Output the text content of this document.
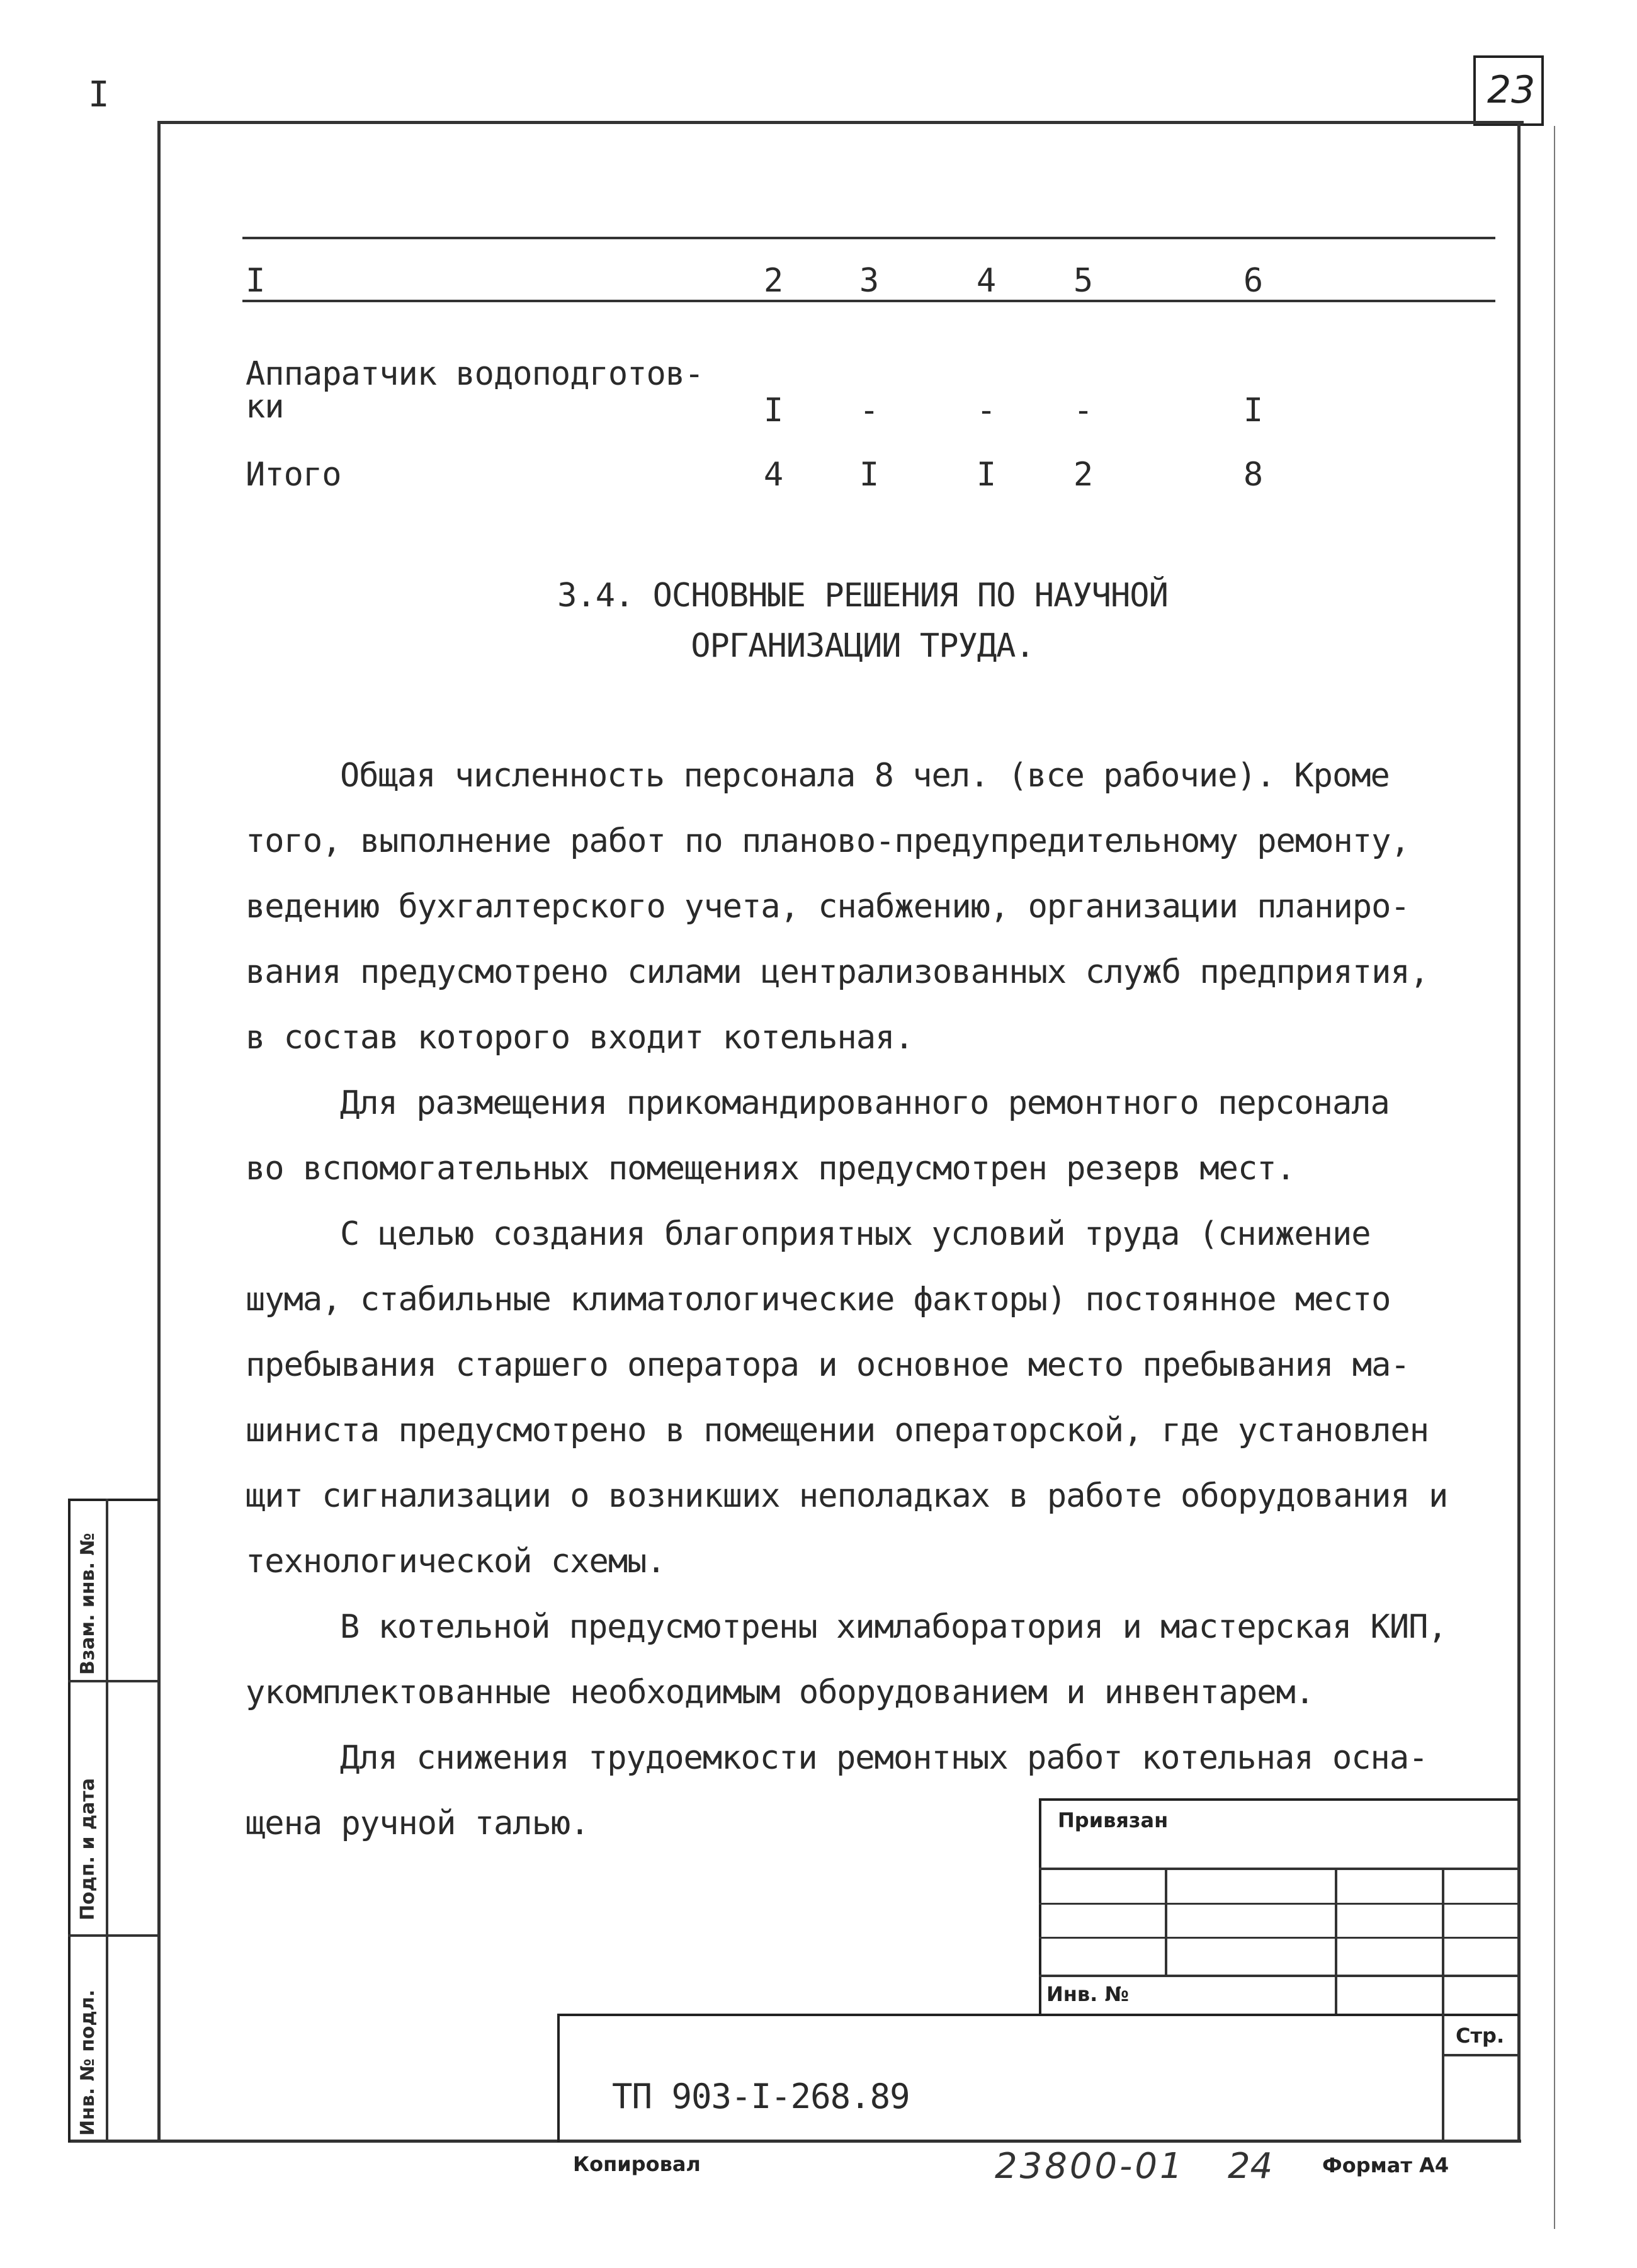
I	23
I	2	3	4	5	6
Аппаратчик водоподготов-
ки	I	-	-	-	I
Итого	4	I	I	2	8
3.4. ОСНОВНЫЕ РЕШЕНИЯ ПО НАУЧНОЙ
ОРГАНИЗАЦИИ ТРУДА.
Общая численность персонала 8 чел. (все рабочие). Кроме
того, выполнение работ по планово-предупредительному ремонту,
ведению бухгалтерского учета, снабжению, организации планиро-
вания предусмотрено силами централизованных служб предприятия,
в состав которого входит котельная.
Для размещения прикомандированного ремонтного персонала
во вспомогательных помещениях предусмотрен резерв мест.
С целью создания благоприятных условий труда (снижение
шума, стабильные климатологические факторы) постоянное место
пребывания старшего оператора и основное место пребывания ма-
шиниста предусмотрено в помещении операторской, где установлен
щит сигнализации о возникших неполадках в работе оборудования и
технологической схемы.
В котельной предусмотрены химлаборатория и мастерская КИП,
укомплектованные необходимым оборудованием и инвентарем.
Для снижения трудоемкости ремонтных работ котельная осна-
щена ручной талью.
Взам. инв. №
Подп. и дата
Инв. № подл.
Привязан
Инв. №
Стр.
ТП 903-I-268.89
Копировал	23800-01 24 Формат А4
